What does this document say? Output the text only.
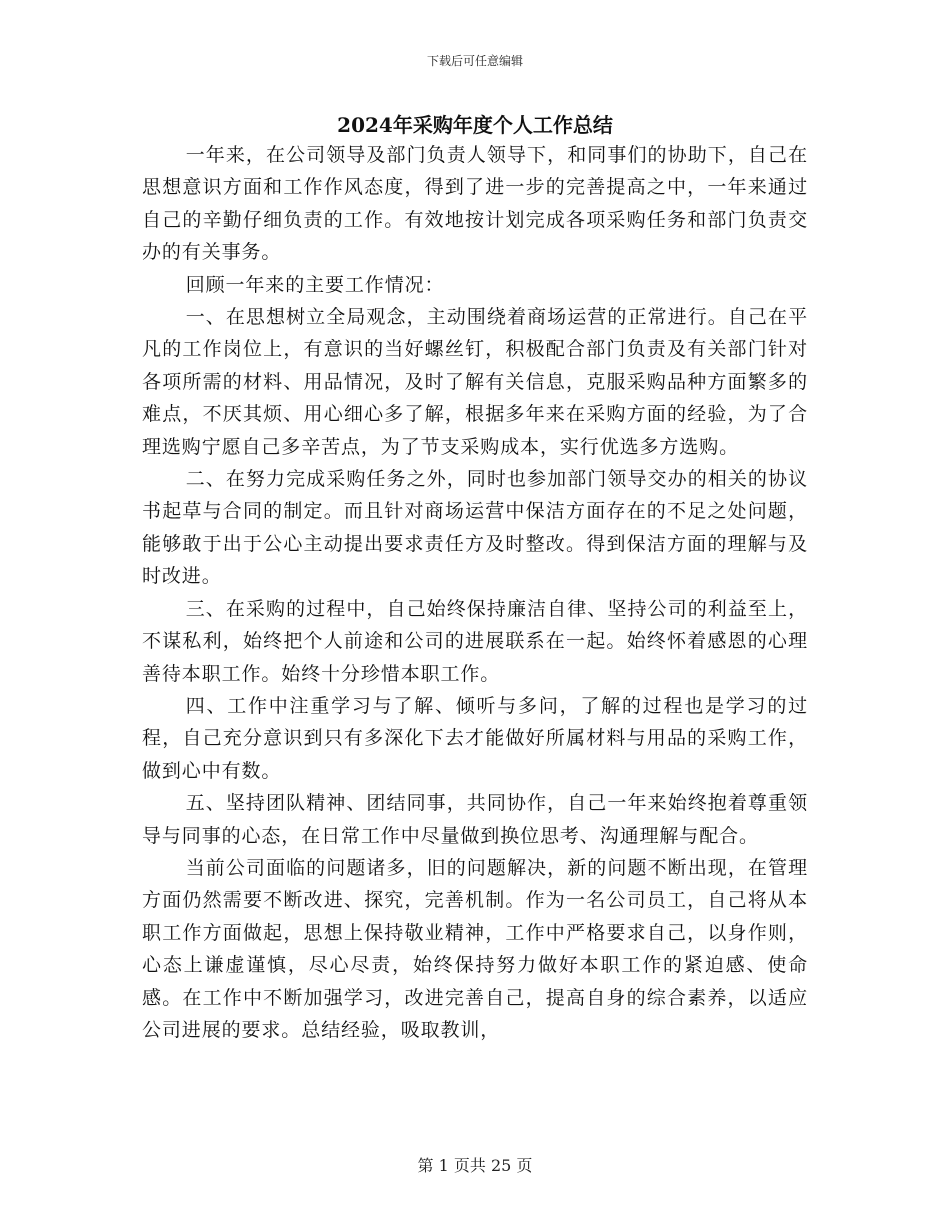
下载后可任意编辑
2024年采购年度个人工作总结

一年来，在公司领导及部门负责人领导下，和同事们的协助下，自己在思想意识方面和工作作风态度，得到了进一步的完善提高之中，一年来通过自己的辛勤仔细负责的工作。有效地按计划完成各项采购任务和部门负责交办的有关事务。

回顾一年来的主要工作情况：

一、在思想树立全局观念，主动围绕着商场运营的正常进行。自己在平凡的工作岗位上，有意识的当好螺丝钉，积极配合部门负责及有关部门针对各项所需的材料、用品情况，及时了解有关信息，克服采购品种方面繁多的难点，不厌其烦、用心细心多了解，根据多年来在采购方面的经验，为了合理选购宁愿自己多辛苦点，为了节支采购成本，实行优选多方选购。

二、在努力完成采购任务之外，同时也参加部门领导交办的相关的协议书起草与合同的制定。而且针对商场运营中保洁方面存在的不足之处问题，能够敢于出于公心主动提出要求责任方及时整改。得到保洁方面的理解与及时改进。

三、在采购的过程中，自己始终保持廉洁自律、坚持公司的利益至上，不谋私利，始终把个人前途和公司的进展联系在一起。始终怀着感恩的心理善待本职工作。始终十分珍惜本职工作。

四、工作中注重学习与了解、倾听与多问，了解的过程也是学习的过程，自己充分意识到只有多深化下去才能做好所属材料与用品的采购工作，做到心中有数。

五、坚持团队精神、团结同事，共同协作，自己一年来始终抱着尊重领导与同事的心态，在日常工作中尽量做到换位思考、沟通理解与配合。

当前公司面临的问题诸多，旧的问题解决，新的问题不断出现，在管理方面仍然需要不断改进、探究，完善机制。作为一名公司员工，自己将从本职工作方面做起，思想上保持敬业精神，工作中严格要求自己，以身作则，心态上谦虚谨慎，尽心尽责，始终保持努力做好本职工作的紧迫感、使命感。在工作中不断加强学习，改进完善自己，提高自身的综合素养，以适应公司进展的要求。总结经验，吸取教训，

第 1 页共 25 页
